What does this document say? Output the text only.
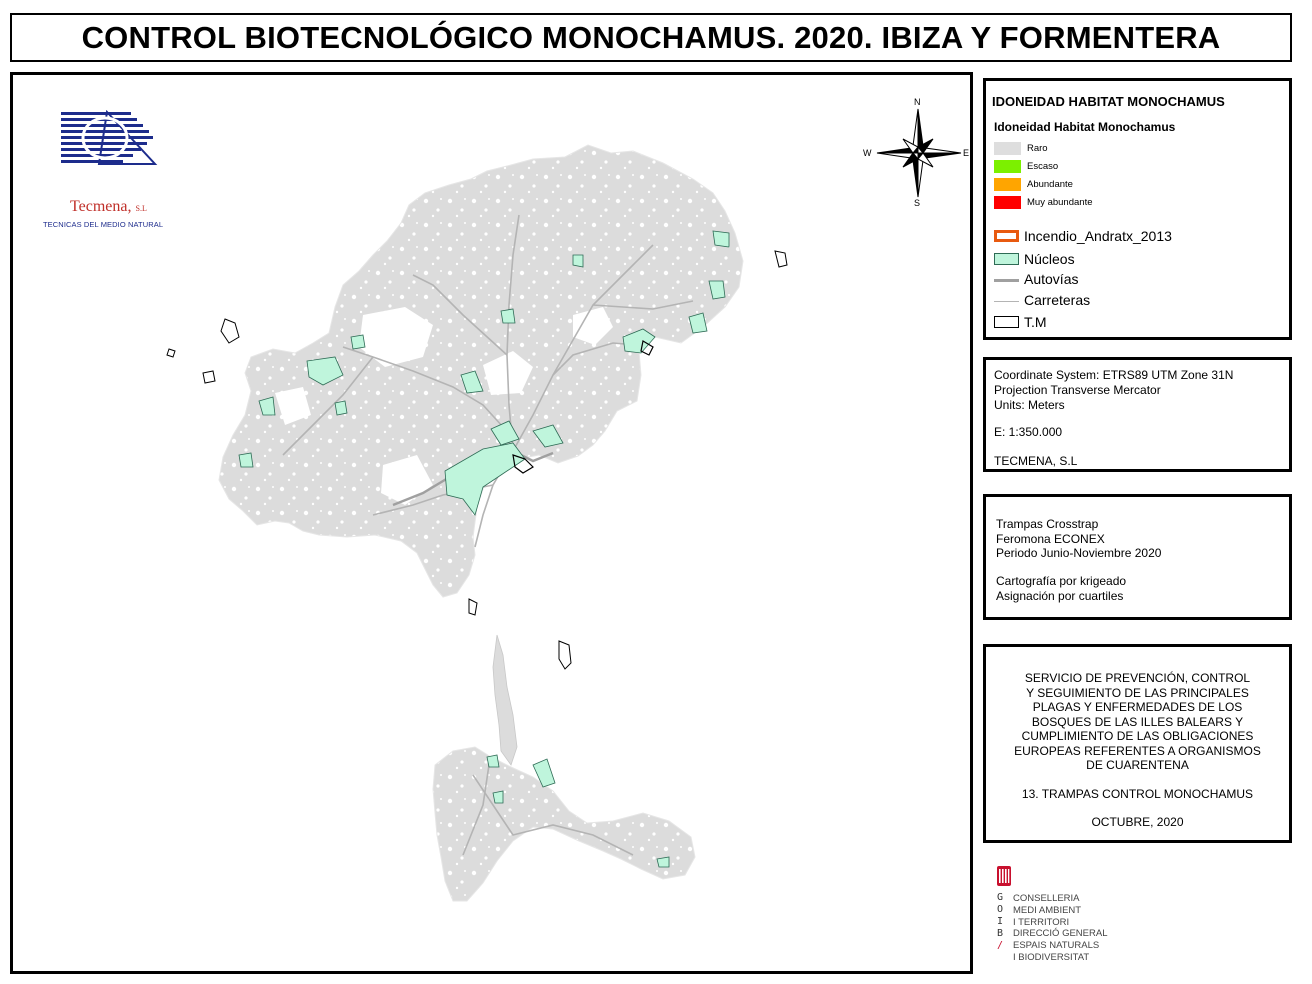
CONTROL BIOTECNOLÓGICO MONOCHAMUS. 2020. IBIZA Y FORMENTERA
Tecmena, S.L
TECNICAS DEL MEDIO NATURAL
N
S
W	E
IDONEIDAD HABITAT MONOCHAMUS
Idoneidad Habitat Monochamus
Raro
Escaso
Abundante
Muy abundante
Incendio_Andratx_2013
Núcleos
Autovías
Carreteras
T.M
Coordinate System: ETRS89 UTM Zone 31N
Projection Transverse Mercator
Units: Meters
E: 1:350.000
TECMENA, S.L
Trampas Crosstrap
Feromona ECONEX
Periodo Junio-Noviembre 2020
Cartografía por krigeado
Asignación por cuartiles
SERVICIO DE PREVENCIÓN, CONTROL
Y SEGUIMIENTO DE LAS PRINCIPALES
PLAGAS Y ENFERMEDADES DE LOS
BOSQUES DE LAS ILLES BALEARS Y
CUMPLIMIENTO DE LAS OBLIGACIONES
EUROPEAS REFERENTES A ORGANISMOS
DE CUARENTENA
13. TRAMPAS CONTROL MONOCHAMUS
OCTUBRE, 2020
G
O
I
B
/
CONSELLERIA
MEDI AMBIENT
I TERRITORI
DIRECCIÓ GENERAL
ESPAIS NATURALS
I BIODIVERSITAT
